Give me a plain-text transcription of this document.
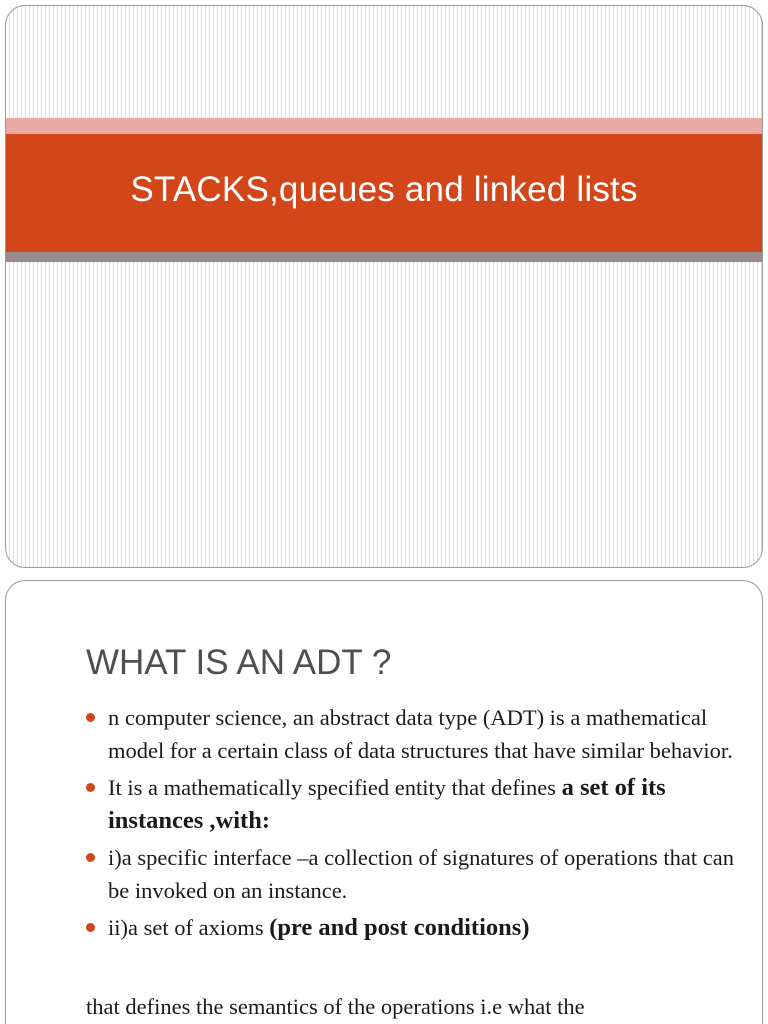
STACKS,queues and linked lists
WHAT IS AN ADT ?
n computer science, an abstract data type (ADT) is a mathematical model for a certain class of data structures that have similar behavior.
It is a mathematically specified entity that defines a set of its instances ,with:
i)a specific interface –a collection of signatures of operations that can be invoked on an instance.
ii)a set of axioms (pre and post conditions)
that defines the semantics of the operations i.e what the
